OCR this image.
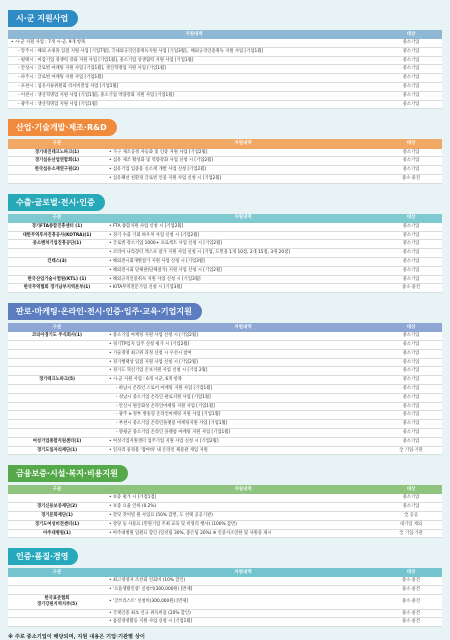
시·군 지원사업
지원내역	대상
• 시·군 지원 사업 : 7개 시·군, 9개 항목	중소기업
- 알주시 : 해외 쇼핑몰 입점 지원 사업 [기업7월], 국내외규격인증취득지원 사업 [기업3월],  해외규격인증취득 지원 사업 [기업1월]	중소기업
- 평택시 : 마감기업 경쟁력 강화 지원 사업 [기업1월], 중소기업 상생협력 지원 사업 [기업1월]	중소기업
- 안성시 : 글로벌 마케팅 지원 사업 [기업1월], 생산혁명업 지원 사업 [기업1월]	중소기업
- 파주시 : 글로벌 마케팅 지원 사업 [기업1월]	중소기업
- 포천시 : 섬유지류위원회 리서비결업 사업 [기업1월]	중소기업
- 이천시 : 생산혁명업 지원 사업 [기업1월], 중소기업 역량강화 지원 사업 [기업1월]	중소기업
- 광주시 : 생산혁명업 지원 사업 [기업1월]	중소기업
산업·기술개발·제조·R&D
구분	지원내역	대상
경기대진테크노파크(1)	• 가구 제조공정 자동화 및 인증 지원 사업 [기업2월]	중소기업
경기섬유산업연합회(1)	• 섬유 제조 활성화 및 역량강화 사업 신청 시 [기업2월]	중소기업
한국섬유소재연구원(2)	• 섬유기업 입증용 신소재 개발 사업 신청 [기업2월]	중소기업
	• 섬유패션 친환경 글로벌 인증 지원 사업 신청 시 [기업2월]	중소·중견
수출·글로벌·전시·인증
구분	지원내역	대상
경기FTA종합진흥센터 (1)	• FTA 종합지원 사업 신청 시 [기업2월]	중소기업
대한무역투자진흥공사(KOTRA)(1)	• 경기 수출 기회 바우처 사업 신청 시 [기업2월]	중소기업
중소벤처기업진흥공단(1)	• 글로벌 강소기업 1000+ 프로젝트 사업 신청 시 [기업2월]	중소기업
	• 코리아 나라장터 엑스포 참가 지원 사업 신청 시 [기업, 도민용 1개 10점, 2개 15점, 3개 20점]	중소기업
킨텍스(3)	• 해외전시회개별참가 지원 사업 신청 시 [기업3월]	중소기업
	• 해외전시회 단체관(단체참가) 지원 사업 신청 시 [기업2월]	중소기업
한국산업기술시험원(KTL) (1)	• 해외규격인증취득 지원 사업 신청 시 [기업3월]	중소기업
한국무역협회 경기남부지역본부(1)	• KITA무역전문가업 신청 시 [기업3월]	중소·중견
판로·마케팅·온라인·전시·인증·입주·교육·기업지원
구분	지원내역	대상
코리아경기도 주식회사(1)	• 중소기업 마케팅 지원 사업 신청 시 [기업2월]	중소기업
	• 경기TP입지 입주 신청 평가 시 [기업2월]	중소기업
	• 기술경영 최고위 과정 신청 시 우선시 참여	중소기업
	• 경기행택상 입점 지원 사업 신청 시 [기업2월]	중소기업
	• 경기도 혁신기업 온보지원 사업 신청 시 [기업 2월]	중소기업
경기테크노파크(5)	• 시·군 지원 사업 : 6개 시군, 6개 항목	중소기업
	- 하남시 온라인 스토어 마케팅 지원 사업 [기업1월]	중소기업
	- 성남시 중소기업 온라인 판로지원 사업 [기업1월]	중소기업
	- 안산시 원산화성 온라인마케팅 지원 사업 [기업1월]	중소기업
	- 광주 e-정부 방송형 온라인마케팅 지원 사업 [기업1월]	중소기업
	- 부천시 중소기업 온라인플랫폼 마케팅지원 사업 [기업1월]	중소기업
	- 양평군 중소기업 온라인 플랫폼 마케팅 지원 사업 [기업1월]	중소기업
여성기업종합지원센터(1)	• 여성기업지원센터 입주기업 지원 사업 신청 시 [기업2월]	중소기업
경기도일자리재단(1)	• 일자리 풍경용 '잡아바' 내 온라인 채용관 게임 지원	全 기업·기관
금융보증·시설·복지·비용지원
구분	지원내역	대상
	• 보증 평가 시 [가점1점]	중소기업
경기신용보증재단(2)	• 보증 요율 인하 (0.2%)	중소기업
경기문화재단(1)	• 갓닷 갓미빌 원 사업료 (50% 감면, 도 선택 공공기관)	全 공공
경기도여성비전센터(1)	• 강당 등 사용료 (민원기업 주최 교육 및 비영리 행사) (100% 감면)	대기업 제외
아주대병원(1)	• 아주대병원 입원료 할인 (일선팀 30%, 좋은팀 20%) ※ 인증서소연한 및 사원증 제시	全 기업·기관
인증·품질·경영
구분	지원내역	대상
	• 최고경영자 조찬회 연회비 (10% 할인)	중소·중견
	• '으뜸생활인증' 신청비(300,000원) [면제]	중소·중견
한국표준협회
경기강원지역지부(5)	• '글쓰리스트' 신청비(300,000원) [면제]	중소·중견
	• 국제인증 최초 신규 취득비용 (20% 할인)	중소·중견
	• 품질경영활동 지원 사업 신청 시 [기업1월]	중소·중견
※ 주로 중소기업이 해당되며, 지원 내용은 기업·기관별 상이
